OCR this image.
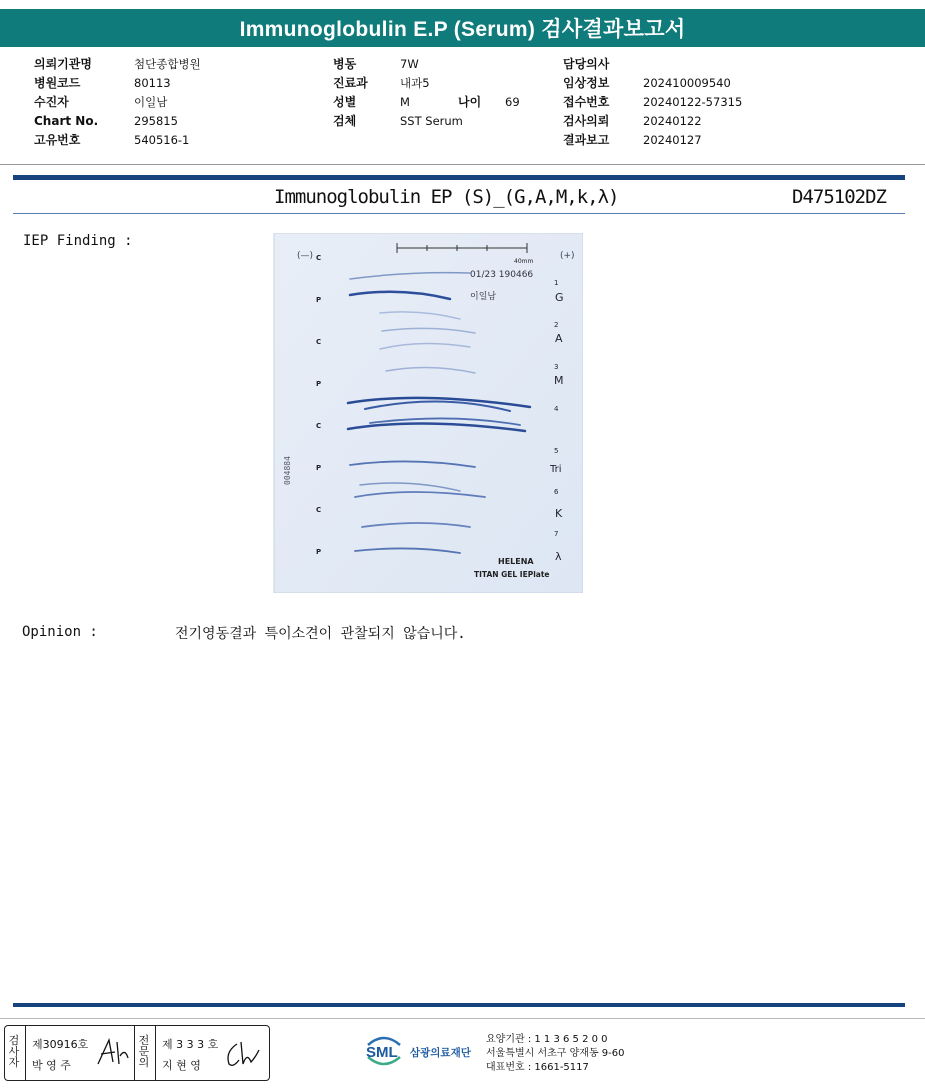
Immunoglobulin E.P (Serum) 검사결과보고서
의뢰기관명	첨단종합병원
병원코드	80113
수진자	이일남
Chart No.	295815
고유번호	540516-1
병동	7W
진료과	내과5
성별	M	나이 69
검체	SST Serum
담당의사
임상정보	202410009540
접수번호	20240122-57315
검사의뢰	20240122
결과보고	20240127
Immunoglobulin EP (S)_(G,A,M,k,λ)	D475102DZ
IEP Finding :
40mm
(—)	(+)
01/23 190466
이일남
004884
HELENA
TITAN GEL IEPlate
C
P
C
P
C
P
C
P
1
G
2
A
3
M
4
5
Tri
6
K
7
λ
Opinion :	전기영동결과 특이소견이 관찰되지 않습니다.
검
사
자
제30916호
박 영 주
전
문
의
제 3 3 3 호
지 현 영
SML 삼광의료재단
요양기관 : 1 1 3 6 5 2 0 0
서울특별시 서초구 양재동 9-60
대표번호 : 1661-5117
